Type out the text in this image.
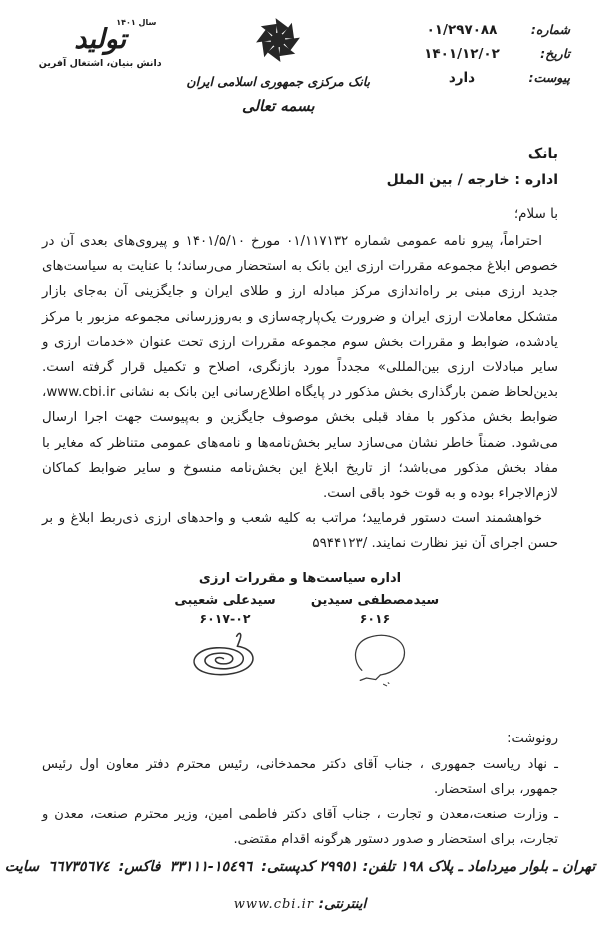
شماره:
۰۱/۲۹۷۰۸۸
تاریخ:
۱۴۰۱/۱۲/۰۲
پیوست:
دارد
بانک مرکزی جمهوری اسلامی ایران
بسمه تعالی
سال ۱۴۰۱
تولید
دانش بنیان، اشتغال آفرین
بانک
اداره : خارجه / بین الملل
با سلام؛

احتراماً، پیرو نامه عمومی شماره ۰۱/۱۱۷۱۳۲ مورخ ۱۴۰۱/۵/۱۰ و پیروی‌های بعدی آن در خصوص ابلاغ مجموعه مقررات ارزی این بانک به استحضار می‌رساند؛ با عنایت به سیاست‌های جدید ارزی مبنی بر راه‌اندازی مرکز مبادله ارز و طلای ایران و جایگزینی آن به‌جای بازار متشکل معاملات ارزی ایران و ضرورت یک‌پارچه‌سازی و به‌روزرسانی مجموعه مزبور با مرکز یادشده، ضوابط و مقررات بخش سوم مجموعه مقررات ارزی تحت عنوان «خدمات ارزی و سایر مبادلات ارزی بین‌المللی» مجدداً مورد بازنگری، اصلاح و تکمیل قرار گرفته است. بدین‌لحاظ ضمن بارگذاری بخش مذکور در پایگاه اطلاع‌رسانی این بانک به نشانی www.cbi.ir، ضوابط بخش مذکور با مفاد قبلی بخش موصوف جایگزین و به‌پیوست جهت اجرا ارسال می‌شود. ضمناً خاطر نشان می‌سازد سایر بخش‌نامه‌ها و نامه‌های عمومی متناظر که مغایر با مفاد بخش مذکور می‌باشد؛ از تاریخ ابلاغ این بخش‌نامه منسوخ و سایر ضوابط کماکان لازم‌الاجراء بوده و به قوت خود باقی است.

خواهشمند است دستور فرمایید؛ مراتب به کلیه شعب و واحدهای ارزی ذی‌ربط ابلاغ و بر حسن اجرای آن نیز نظارت نمایند. /۵۹۴۴۱۲۳

اداره سیاست‌ها و مقررات ارزی
سیدمصطفی سیدین
۶۰۱۶
سیدعلی شعیبی
۶۰۱۷-۰۲
رونوشت:
ـ نهاد ریاست جمهوری ، جناب آقای دکتر محمدخانی، رئیس محترم دفتر معاون اول رئیس جمهور، برای استحضار.
ـ وزارت صنعت،معدن و تجارت ، جناب آقای دکتر فاطمی امین، وزیر محترم صنعت، معدن و تجارت، برای استحضار و صدور دستور هرگونه اقدام مقتضی.
تهران ـ بلوار میرداماد ـ پلاک ١٩٨ تلفن: ٢٩٩٥١ کدپستی: ١٥٤٩٦-٣٣١١١ فاکس: ٦٦٧٣٥٦٧٤ سایت
اینترنتی: www.cbi.ir
